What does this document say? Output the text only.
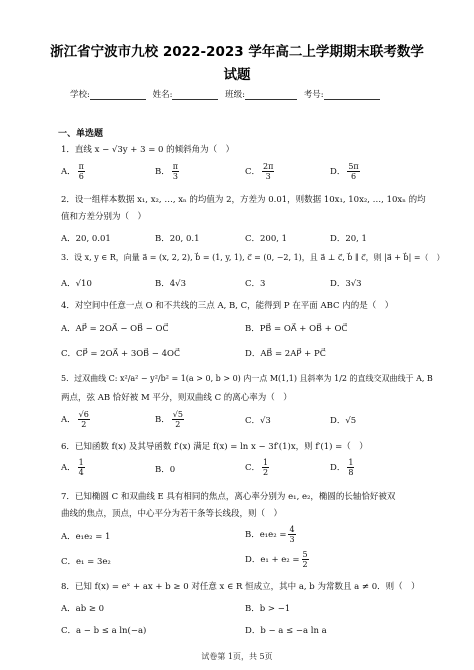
浙江省宁波市九校 2022-2023 学年高二上学期期末联考数学
试题
学校:	姓名:	班级:	考号:
一、单选题
1．直线 x − √3y + 3 = 0 的倾斜角为（　）
A． $\frac{\pi}{6}$	B． $\frac{\pi}{3}$	C． $\frac{2\pi}{3}$	D． $\frac{5\pi}{6}$
2．设一组样本数据 x₁, x₂, …, xₙ 的均值为 2，方差为 0.01，则数据 10x₁, 10x₂, …, 10xₙ 的均
值和方差分别为（　）
A．20, 0.01	B．20, 0.1	C．200, 1	D．20, 1
3．设 x, y ∈ R，向量 a⃗ = (x, 2, 2), b⃗ = (1, y, 1), c⃗ = (0, −2, 1)，且 a⃗ ⊥ c⃗, b⃗ ∥ c⃗，则 |a⃗ + b⃗| =（　）
A．√10	B．4√3	C．3	D．3√3
4．对空间中任意一点 O 和不共线的三点 A, B, C，能得到 P 在平面 ABC 内的是（　）
A．AP⃗ = 2OA⃗ − OB⃗ − OC⃗	B．PB⃗ = OA⃗ + OB⃗ + OC⃗
C．CP⃗ = 2OA⃗ + 3OB⃗ − 4OC⃗	D．AB⃗ = 2AP⃗ + PC⃗
5．过双曲线 C: x²/a² − y²/b² = 1(a > 0, b > 0) 内一点 M(1,1) 且斜率为 1/2 的直线交双曲线于 A, B
两点，弦 AB 恰好被 M 平分，则双曲线 C 的离心率为（　）
A． $\frac{√6}{2}$	B． $\frac{√5}{2}$	C．√3	D．√5
6．已知函数 f(x) 及其导函数 f′(x) 满足 f(x) = ln x − 3f′(1)x，则 f′(1) =（　）
A． $\frac{1}{4}$	B．0	C． $\frac{1}{2}$	D． $\frac{1}{8}$
7．已知椭圆 C 和双曲线 E 具有相同的焦点，离心率分别为 e₁, e₂，椭圆的长轴恰好被双
曲线的焦点，顶点，中心平分为若干条等长线段，则（　）
A．e₁e₂ = 1	B．$e_1e_2 = \frac{4}{3}$
C．e₁ = 3e₂	D．$e_1 + e_2 = \frac{5}{2}$
8．已知 f(x) = eˣ + ax + b ≥ 0 对任意 x ∈ R 恒成立，其中 a, b 为常数且 a ≠ 0．则（　）
A．ab ≥ 0	B．b > −1
C．a − b ≤ a ln(−a)	D．b − a ≤ −a ln a
试卷第 1页，共 5页
